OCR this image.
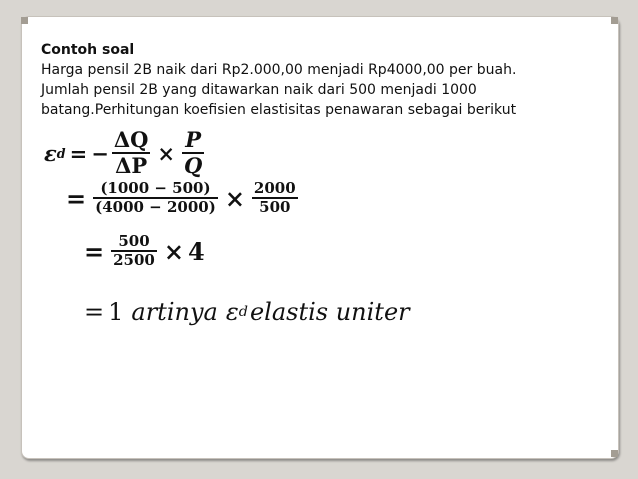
Contoh soal
Harga pensil 2B naik dari Rp2.000,00 menjadi Rp4000,00 per buah.
Jumlah pensil 2B yang ditawarkan naik dari 500 menjadi 1000
batang.Perhitungan koefisien elastisitas penawaran sebagai berikut
ε d = − $\frac{\Delta Q}{\Delta P} \times \frac{P}{Q}$
= $\frac{(1000 - 500)}{(4000 - 2000)} \times \frac{2000}{500}$
= $\frac{500}{2500} \times 4$
= 1 artinya ε d elastis uniter
